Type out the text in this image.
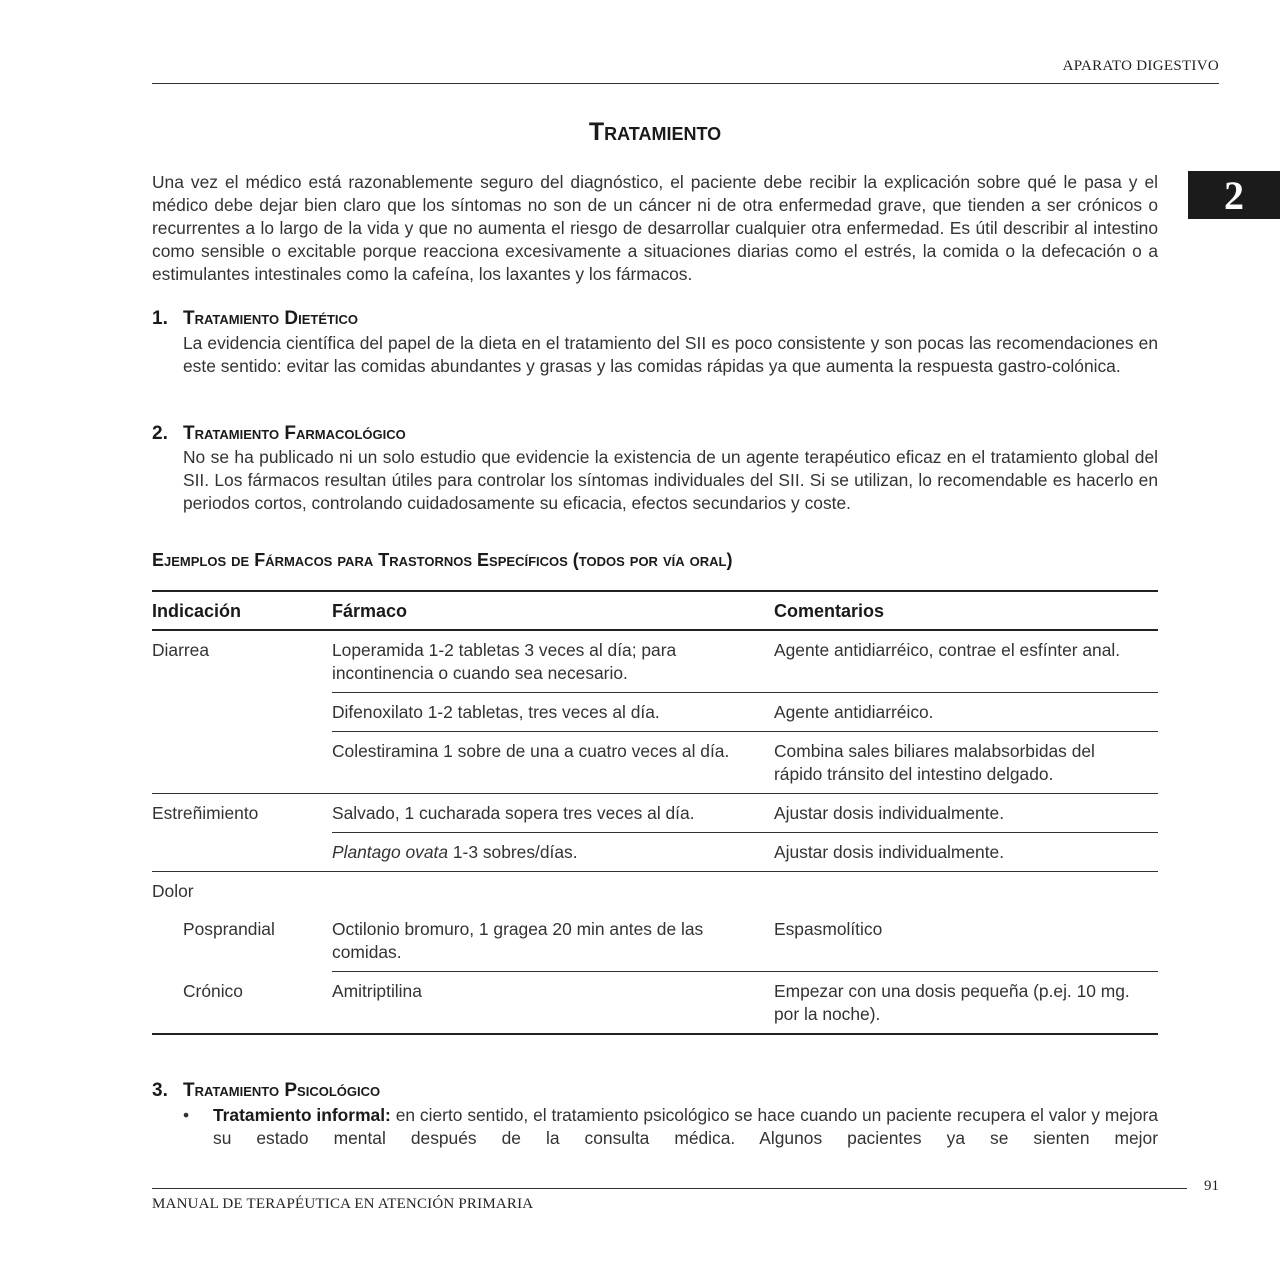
APARATO DIGESTIVO
2
Tratamiento
Una vez el médico está razonablemente seguro del diagnóstico, el paciente debe recibir la explicación sobre qué le pasa y el médico debe dejar bien claro que los síntomas no son de un cáncer ni de otra enfermedad grave, que tienden a ser crónicos o recurrentes a lo largo de la vida y que no aumenta el riesgo de desarrollar cualquier otra enfermedad. Es útil describir al intestino como sensible o excitable porque reacciona excesivamente a situaciones diarias como el estrés, la comida o la defecación o a estimulantes intestinales como la cafeína, los laxantes y los fármacos.
1. Tratamiento Dietético
La evidencia científica del papel de la dieta en el tratamiento del SII es poco consistente y son pocas las recomendaciones en este sentido: evitar las comidas abundantes y grasas y las comidas rápidas ya que aumenta la respuesta gastro-colónica.
2. Tratamiento Farmacológico
No se ha publicado ni un solo estudio que evidencie la existencia de un agente terapéutico eficaz en el tratamiento global del SII. Los fármacos resultan útiles para controlar los síntomas individuales del SII. Si se utilizan, lo recomendable es hacerlo en periodos cortos, controlando cuidadosamente su eficacia, efectos secundarios y coste.
Ejemplos de Fármacos para Trastornos Específicos (todos por vía oral)
Indicación	Fármaco	Comentarios
Diarrea	Loperamida 1-2 tabletas 3 veces al día; para incontinencia o cuando sea necesario.	Agente antidiarréico, contrae el esfínter anal.
	Difenoxilato 1-2 tabletas, tres veces al día.	Agente antidiarréico.
	Colestiramina 1 sobre de una a cuatro veces al día.	Combina sales biliares malabsorbidas del rápido tránsito del intestino delgado.
Estreñimiento	Salvado, 1 cucharada sopera tres veces al día.	Ajustar dosis individualmente.
	Plantago ovata 1-3 sobres/días.	Ajustar dosis individualmente.
Dolor		
Posprandial	Octilonio bromuro, 1 gragea 20 min antes de las comidas.	Espasmolítico
Crónico	Amitriptilina	Empezar con una dosis pequeña (p.ej. 10 mg. por la noche).
3. Tratamiento Psicológico
•	Tratamiento informal: en cierto sentido, el tratamiento psicológico se hace cuando un paciente recupera el valor y mejora su estado mental después de la consulta médica. Algunos pacientes ya se sienten mejor
91
MANUAL DE TERAPÉUTICA EN ATENCIÓN PRIMARIA
